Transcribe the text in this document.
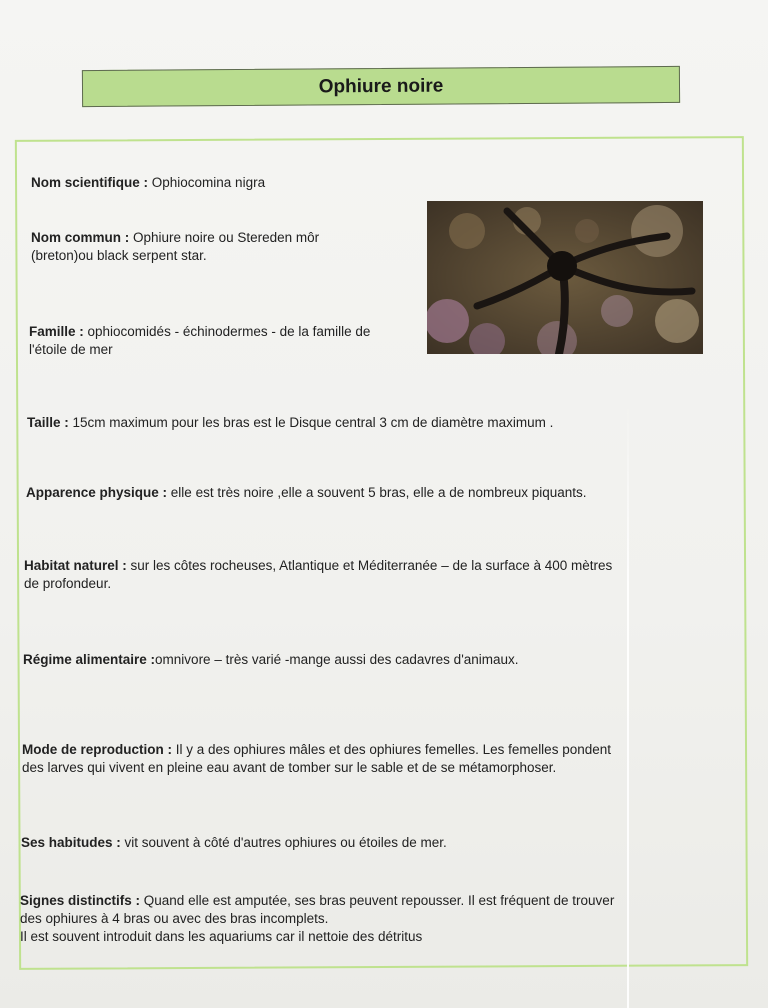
Ophiure noire
Nom scientifique : Ophiocomina nigra
Nom commun : Ophiure noire ou Stereden môr
(breton)ou black serpent star.
Famille : ophiocomidés - échinodermes - de la famille de
l'étoile de mer
Taille : 15cm maximum pour les bras est le Disque central 3 cm de diamètre maximum .
Apparence physique : elle est très noire ,elle a souvent 5 bras, elle a de nombreux piquants.
Habitat naturel : sur les côtes rocheuses, Atlantique et Méditerranée – de la surface à 400 mètres
de profondeur.
Régime alimentaire :omnivore – très varié -mange aussi des cadavres d'animaux.
Mode de reproduction : Il y a des ophiures mâles et des ophiures femelles. Les femelles pondent
des larves qui vivent en pleine eau avant de tomber sur le sable et de se métamorphoser.
Ses habitudes : vit souvent à côté d'autres ophiures ou étoiles de mer.
Signes distinctifs : Quand elle est amputée, ses bras peuvent repousser. Il est fréquent de trouver
des ophiures à 4 bras ou avec des bras incomplets.
Il est souvent introduit dans les aquariums car il nettoie des détritus
